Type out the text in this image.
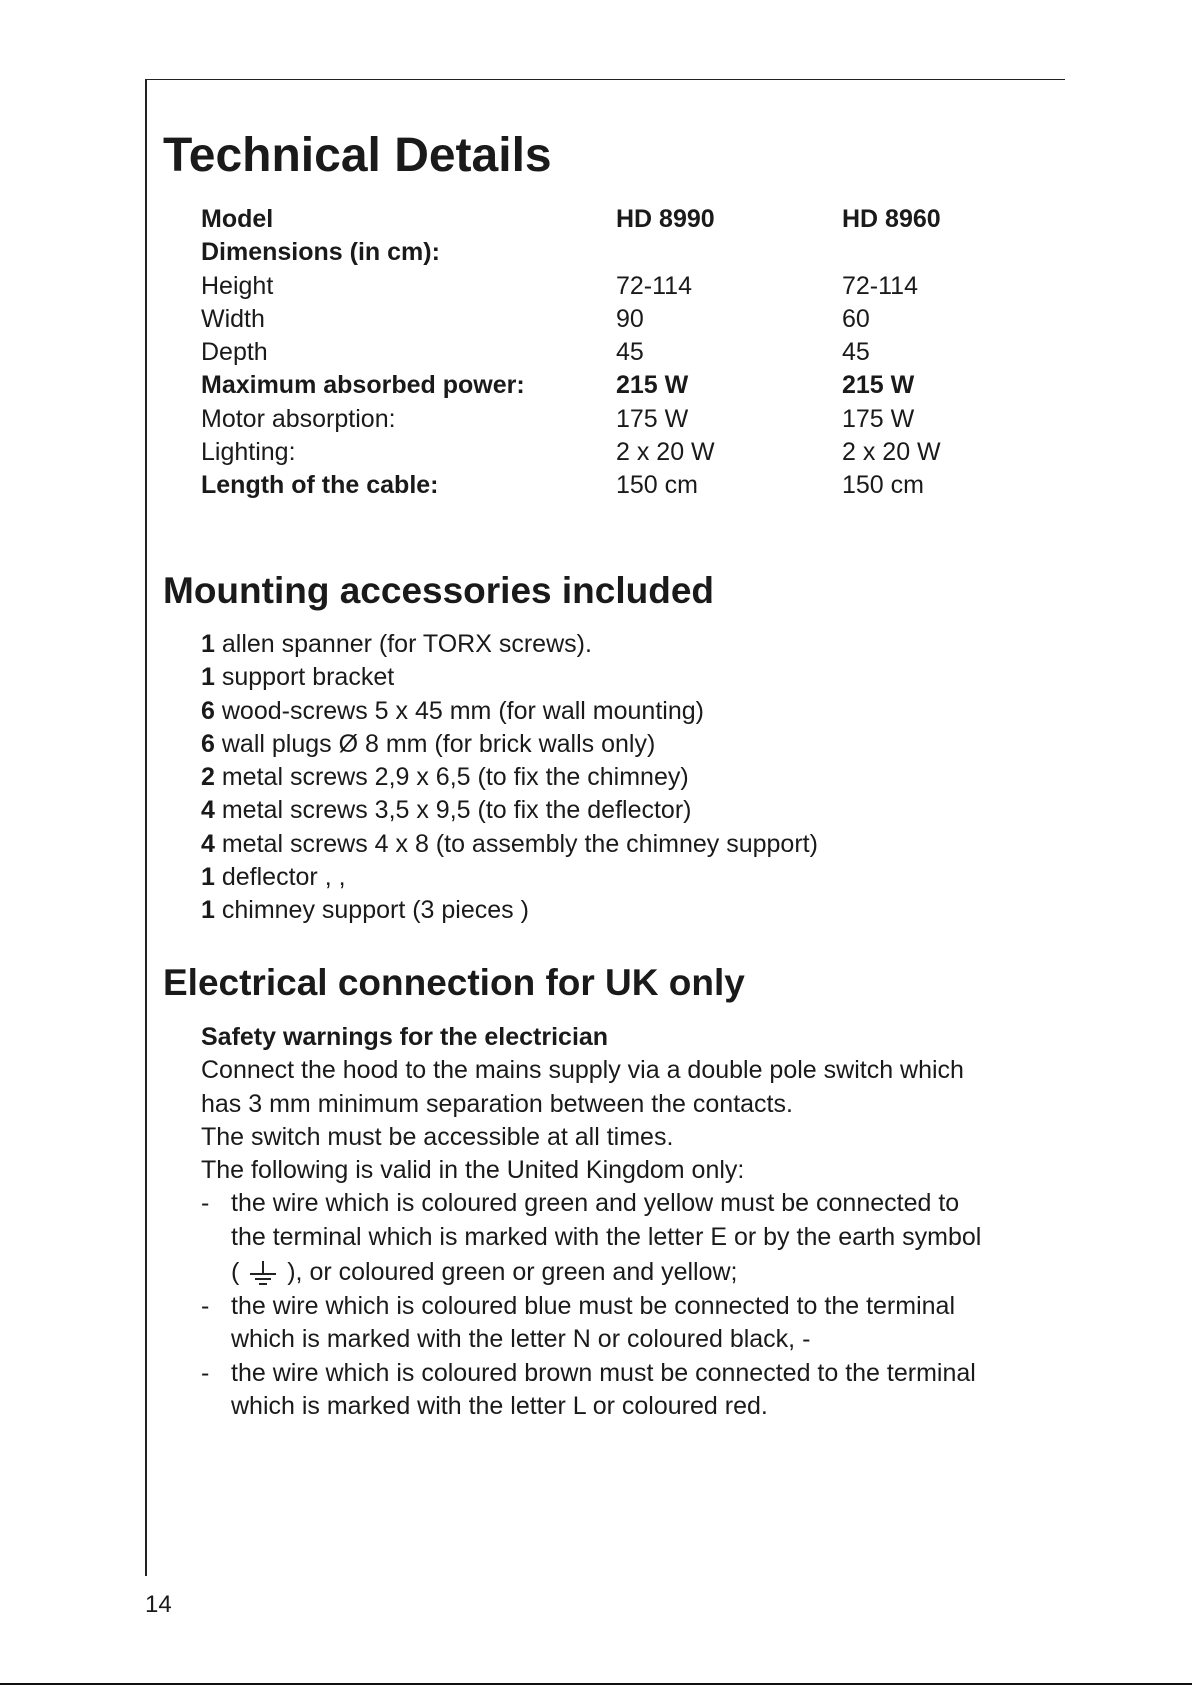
Technical Details
Model	HD 8990	HD 8960
Dimensions (in cm):
Height	72-114	72-114
Width	90	60
Depth	45	45
Maximum absorbed power:	215 W	215 W
Motor absorption:	175 W	175 W
Lighting:	2 x 20 W	2 x 20 W
Length of the cable:	150 cm	150 cm
Mounting accessories included
1 allen spanner (for TORX screws).
1 support bracket
6 wood-screws 5 x 45 mm (for wall mounting)
6 wall plugs Ø 8 mm (for brick walls only)
2 metal screws 2,9 x 6,5 (to fix the chimney)
4 metal screws 3,5 x 9,5 (to fix the deflector)
4 metal screws 4 x 8 (to assembly the chimney support)
1 deflector , ,
1 chimney support (3 pieces )
Electrical connection for UK only
Safety warnings for the electrician
Connect the hood to the mains supply via a double pole switch which
has 3 mm minimum separation between the contacts.
The switch must be accessible at all times.
The following is valid in the United Kingdom only:
- the wire which is coloured green and yellow must be connected to
the terminal which is marked with the letter E or by the earth symbol
( ), or coloured green or green and yellow;
- the wire which is coloured blue must be connected to the terminal
which is marked with the letter N or coloured black, -
- the wire which is coloured brown must be connected to the terminal
which is marked with the letter L or coloured red.
14
